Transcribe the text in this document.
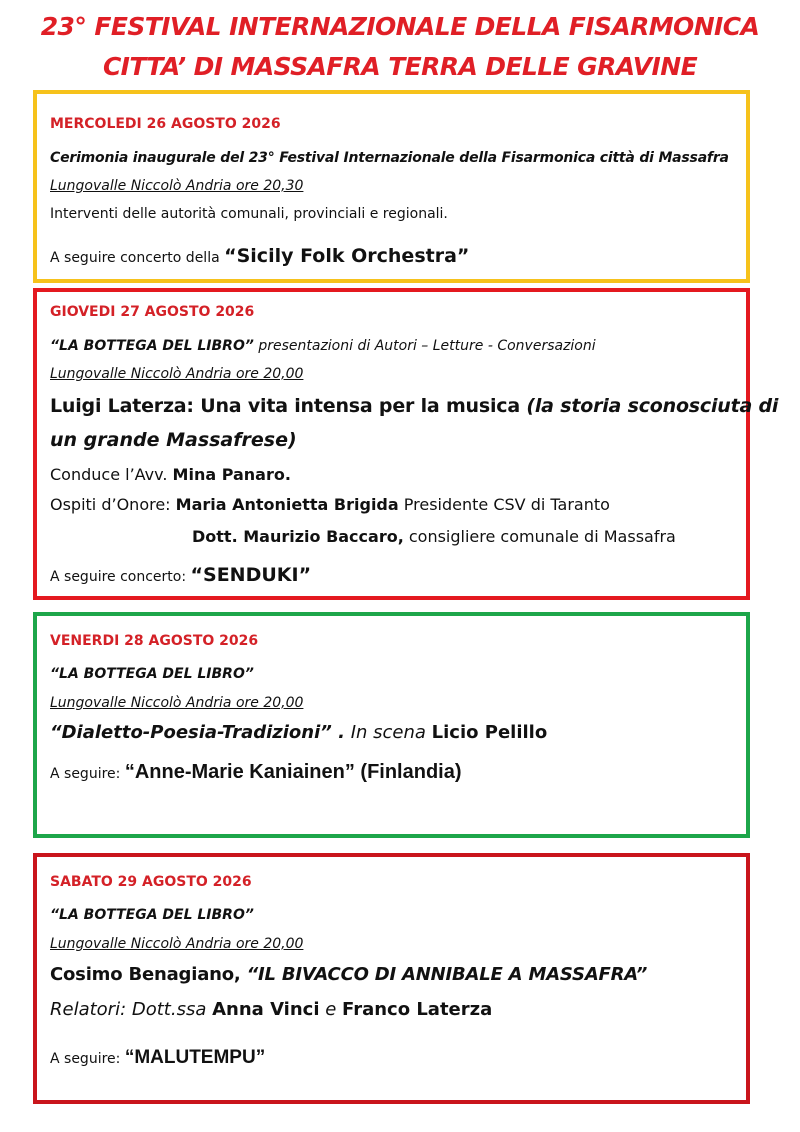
23° FESTIVAL INTERNAZIONALE DELLA FISARMONICA
CITTA’ DI MASSAFRA TERRA DELLE GRAVINE
MERCOLEDI 26 AGOSTO 2026
Cerimonia inaugurale del 23° Festival Internazionale della Fisarmonica città di Massafra
Lungovalle Niccolò Andria ore 20,30
Interventi delle autorità comunali, provinciali e regionali.
A seguire concerto della “Sicily Folk Orchestra”
GIOVEDI 27 AGOSTO 2026
“LA BOTTEGA DEL LIBRO” presentazioni di Autori – Letture - Conversazioni
Lungovalle Niccolò Andria ore 20,00
Luigi Laterza: Una vita intensa per la musica (la storia sconosciuta di
un grande Massafrese)
Conduce l’Avv. Mina Panaro.
Ospiti d’Onore: Maria Antonietta Brigida Presidente CSV di Taranto
Dott. Maurizio Baccaro, consigliere comunale di Massafra
A seguire concerto: “SENDUKI”
VENERDI 28 AGOSTO 2026
“LA BOTTEGA DEL LIBRO”
Lungovalle Niccolò Andria ore 20,00
“Dialetto-Poesia-Tradizioni” . In scena Licio Pelillo
A seguire: “Anne-Marie Kaniainen” (Finlandia)
SABATO 29 AGOSTO 2026
“LA BOTTEGA DEL LIBRO”
Lungovalle Niccolò Andria ore 20,00
Cosimo Benagiano, “IL BIVACCO DI ANNIBALE A MASSAFRA”
Relatori: Dott.ssa Anna Vinci e Franco Laterza
A seguire: “MALUTEMPU”
